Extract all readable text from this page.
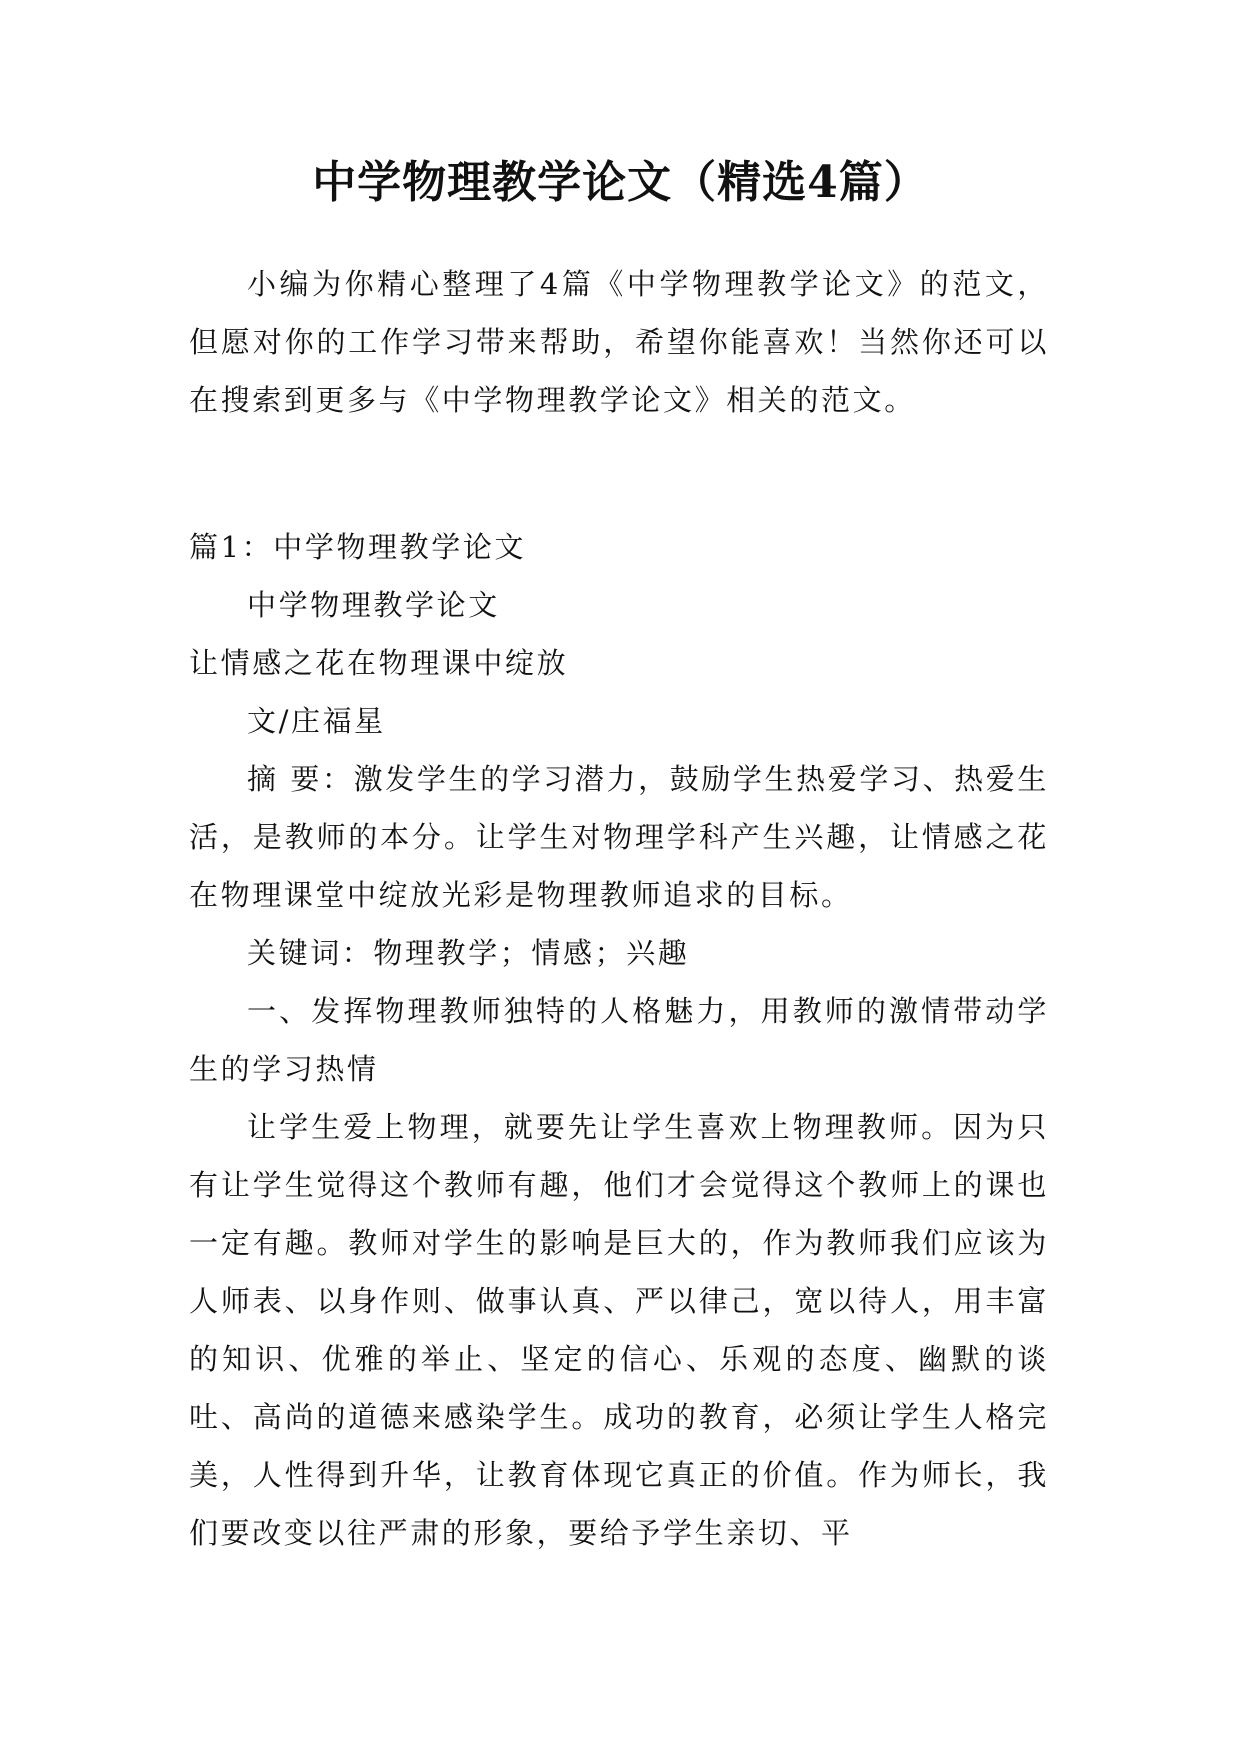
中学物理教学论文（精选4篇）

小编为你精心整理了4篇《中学物理教学论文》的范文，但愿对你的工作学习带来帮助，希望你能喜欢！当然你还可以在搜索到更多与《中学物理教学论文》相关的范文。

篇1：中学物理教学论文

中学物理教学论文

让情感之花在物理课中绽放

文/庄福星

摘 要：激发学生的学习潜力，鼓励学生热爱学习、热爱生活，是教师的本分。让学生对物理学科产生兴趣，让情感之花在物理课堂中绽放光彩是物理教师追求的目标。

关键词：物理教学；情感；兴趣

一、发挥物理教师独特的人格魅力，用教师的激情带动学生的学习热情

让学生爱上物理，就要先让学生喜欢上物理教师。因为只有让学生觉得这个教师有趣，他们才会觉得这个教师上的课也一定有趣。教师对学生的影响是巨大的，作为教师我们应该为人师表、以身作则、做事认真、严以律己，宽以待人，用丰富的知识、优雅的举止、坚定的信心、乐观的态度、幽默的谈吐、高尚的道德来感染学生。成功的教育，必须让学生人格完美，人性得到升华，让教育体现它真正的价值。作为师长，我们要改变以往严肃的形象，要给予学生亲切、平
